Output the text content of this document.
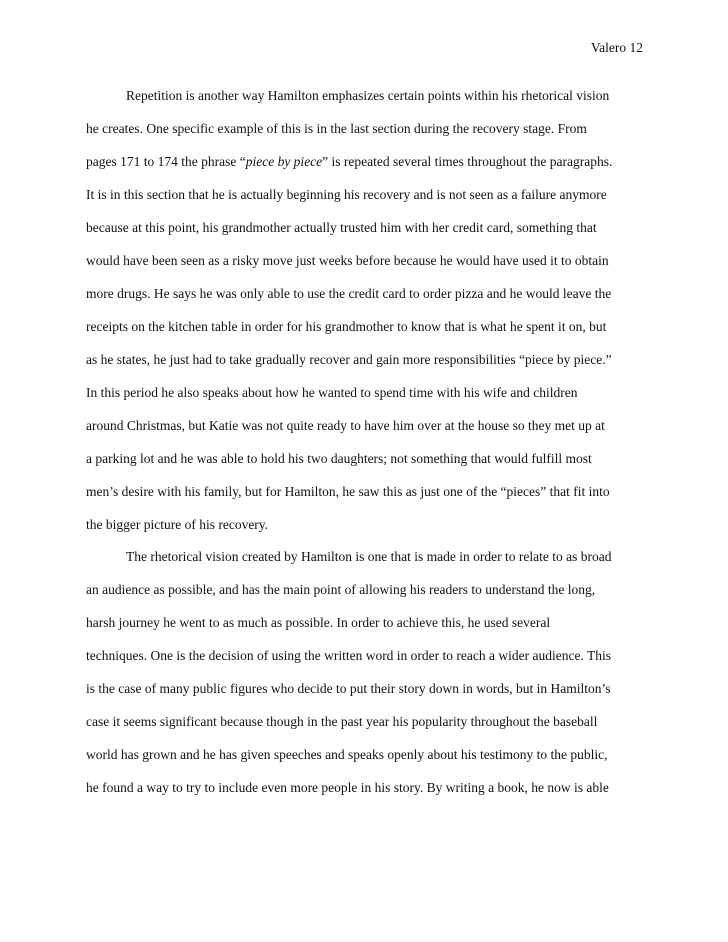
Valero 12
Repetition is another way Hamilton emphasizes certain points within his rhetorical vision
he creates. One specific example of this is in the last section during the recovery stage. From
pages 171 to 174 the phrase “piece by piece” is repeated several times throughout the paragraphs.
It is in this section that he is actually beginning his recovery and is not seen as a failure anymore
because at this point, his grandmother actually trusted him with her credit card, something that
would have been seen as a risky move just weeks before because he would have used it to obtain
more drugs. He says he was only able to use the credit card to order pizza and he would leave the
receipts on the kitchen table in order for his grandmother to know that is what he spent it on, but
as he states, he just had to take gradually recover and gain more responsibilities “piece by piece.”
In this period he also speaks about how he wanted to spend time with his wife and children
around Christmas, but Katie was not quite ready to have him over at the house so they met up at
a parking lot and he was able to hold his two daughters; not something that would fulfill most
men’s desire with his family, but for Hamilton, he saw this as just one of the “pieces” that fit into
the bigger picture of his recovery.
The rhetorical vision created by Hamilton is one that is made in order to relate to as broad
an audience as possible, and has the main point of allowing his readers to understand the long,
harsh journey he went to as much as possible. In order to achieve this, he used several
techniques. One is the decision of using the written word in order to reach a wider audience. This
is the case of many public figures who decide to put their story down in words, but in Hamilton’s
case it seems significant because though in the past year his popularity throughout the baseball
world has grown and he has given speeches and speaks openly about his testimony to the public,
he found a way to try to include even more people in his story. By writing a book, he now is able
